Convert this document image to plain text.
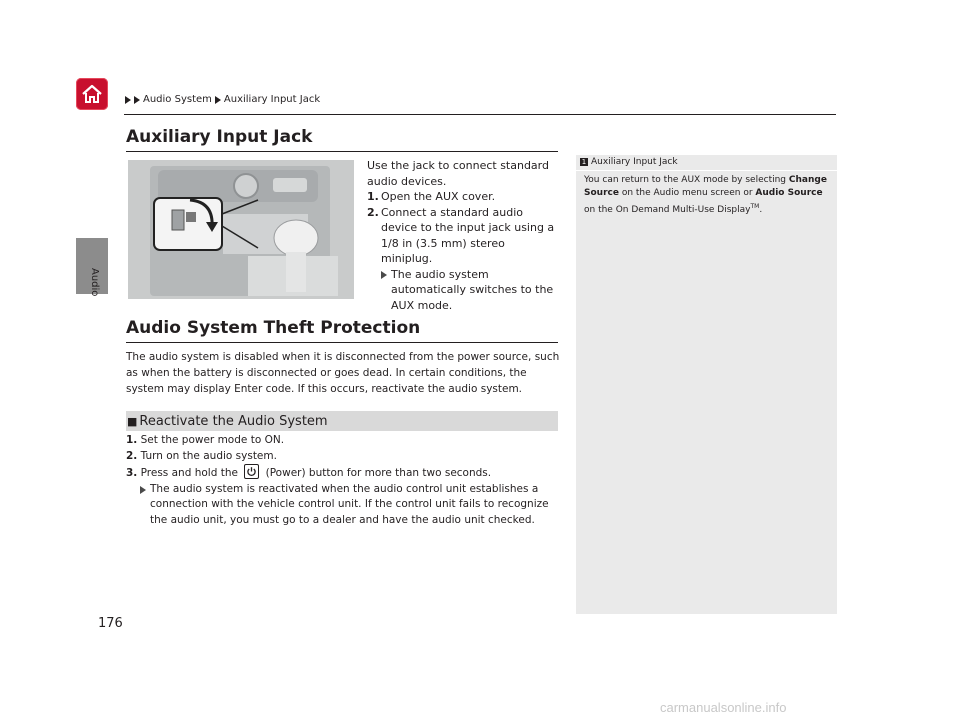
Audio
Audio System Auxiliary Input Jack
Auxiliary Input Jack
Use the jack to connect standard audio devices.
1. Open the AUX cover.
2. Connect a standard audio device to the input jack using a 1/8 in (3.5 mm) stereo miniplug.
The audio system automatically switches to the AUX mode.
Audio System Theft Protection
The audio system is disabled when it is disconnected from the power source, such as when the battery is disconnected or goes dead. In certain conditions, the system may display Enter code. If this occurs, reactivate the audio system.
■ Reactivate the Audio System
1. Set the power mode to ON.
2. Turn on the audio system.
3. Press and hold the	(Power) button for more than two seconds.
The audio system is reactivated when the audio control unit establishes a connection with the vehicle control unit. If the control unit fails to recognize the audio unit, you must go to a dealer and have the audio unit checked.
1 Auxiliary Input Jack
You can return to the AUX mode by selecting Change Source on the Audio menu screen or Audio Source on the On Demand Multi-Use Display™.
176
carmanualsonline.info
